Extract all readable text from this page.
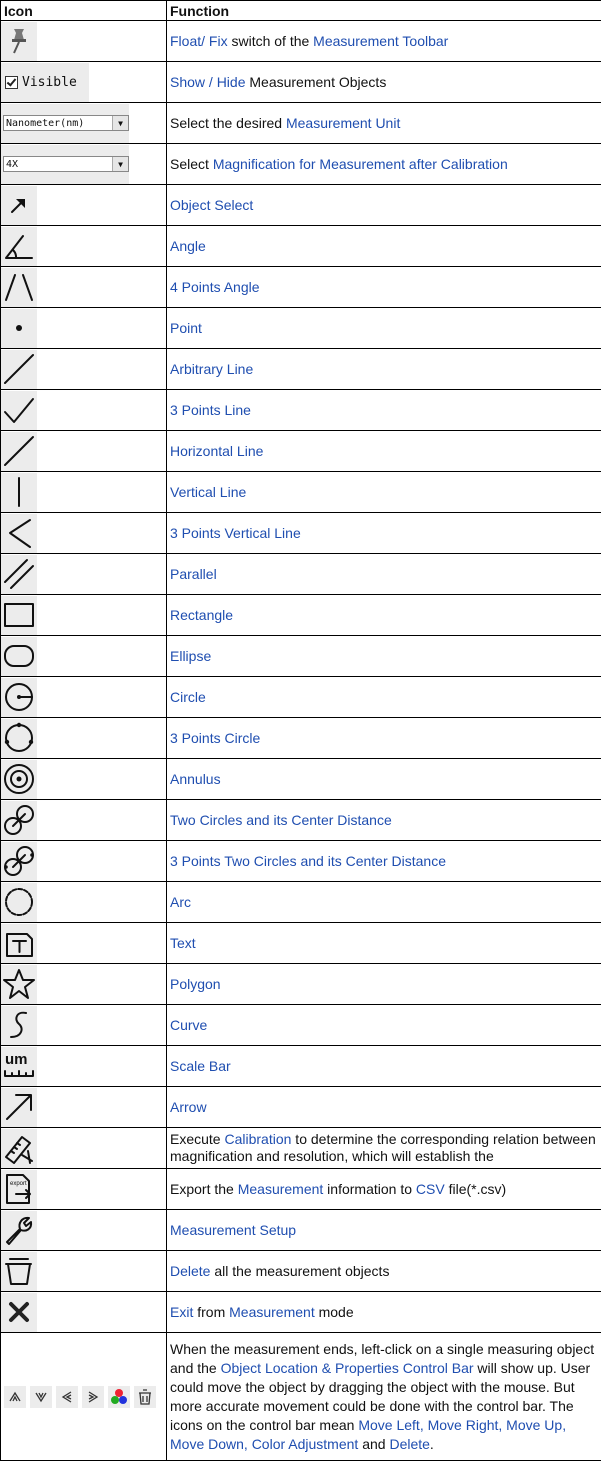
Icon	Function

	Float/ Fix switch of the Measurement Toolbar

Visible	Show / Hide Measurement Objects

Nanometer(nm) ▼	Select the desired Measurement Unit

4X ▼	Select Magnification for Measurement after Calibration

	Object Select

	Angle

	4 Points Angle

	Point

	Arbitrary Line

	3 Points Line

	Horizontal Line

	Vertical Line

	3 Points Vertical Line

	Parallel

	Rectangle

	Ellipse

	Circle

	3 Points Circle

	Annulus

	Two Circles and its Center Distance

	3 Points Two Circles and its Center Distance

	Arc

	Text

	Polygon

	Curve

um	Scale Bar

	Arrow

	Execute Calibration to determine the corresponding relation between magnification and resolution, which will establish the

export	Export the Measurement information to CSV file(*.csv)

	Measurement Setup

	Delete all the measurement objects

	Exit from Measurement mode

	When the measurement ends, left-click on a single measuring object and the Object Location & Properties Control Bar will show up. User could move the object by dragging the object with the mouse. But more accurate movement could be done with the control bar. The icons on the control bar mean Move Left, Move Right, Move Up, Move Down, Color Adjustment and Delete.
